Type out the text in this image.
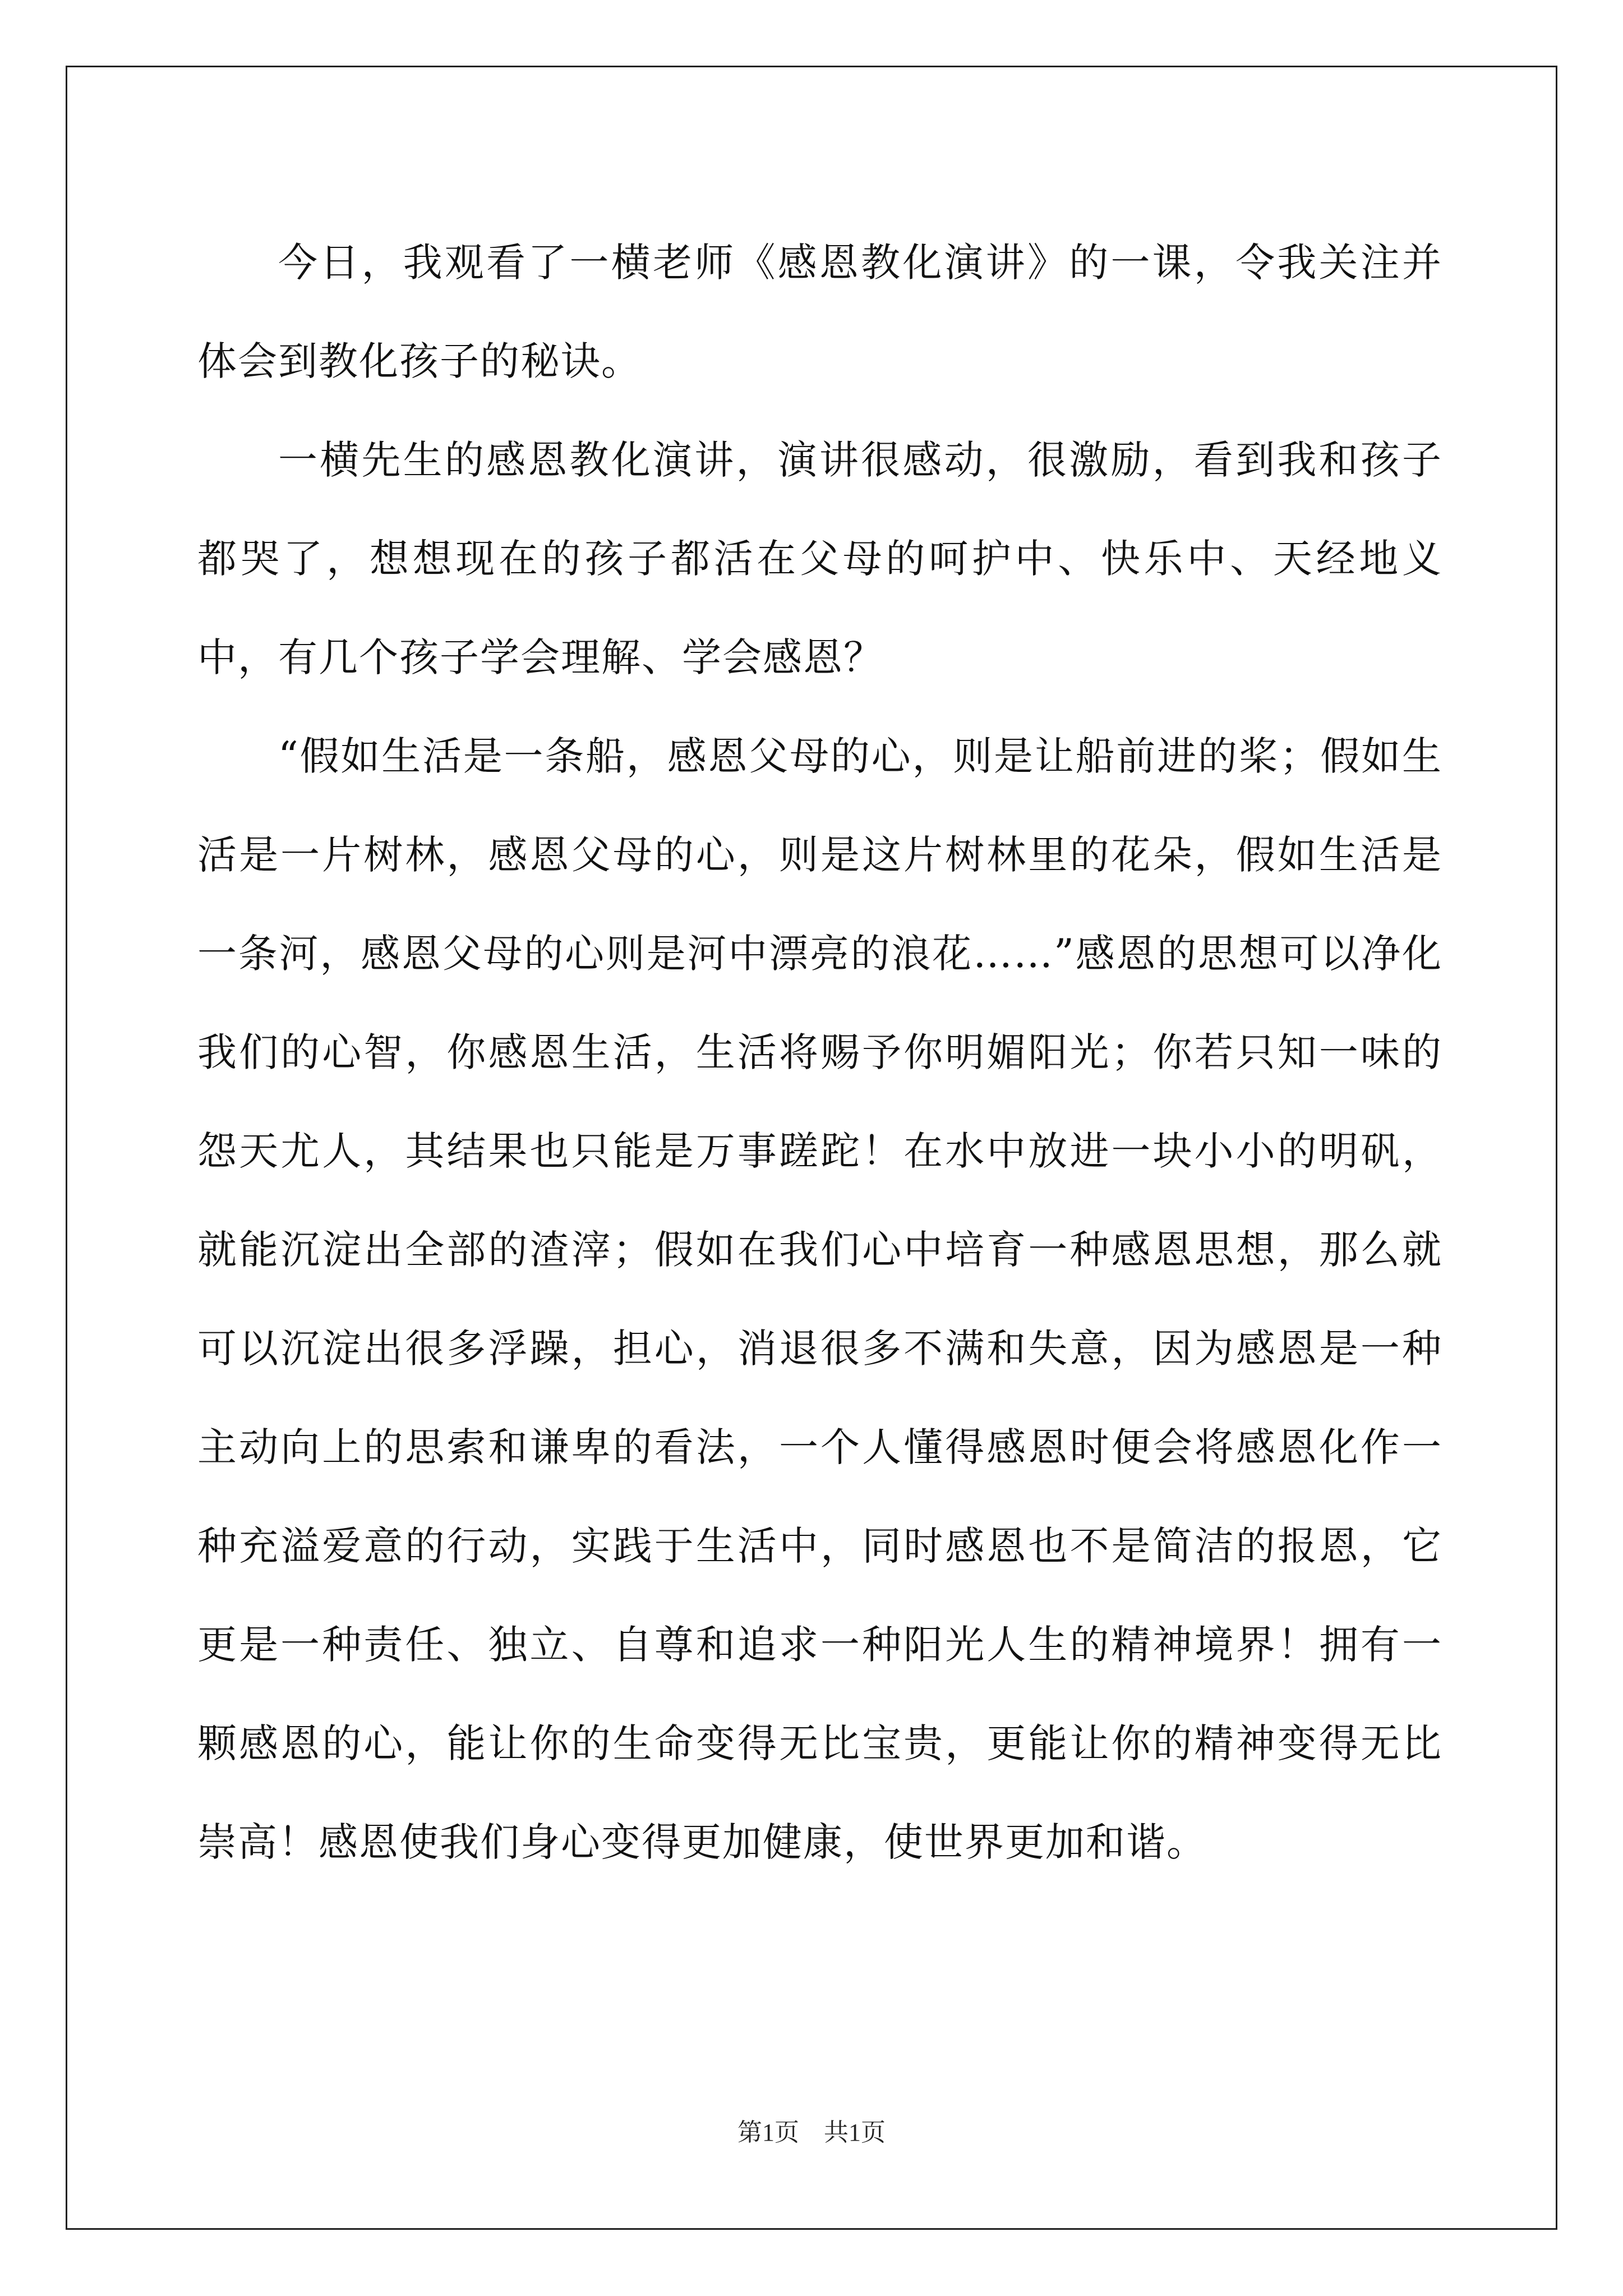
今日，我观看了一横老师《感恩教化演讲》的一课，令我关注并体会到教化孩子的秘诀。

一横先生的感恩教化演讲，演讲很感动，很激励，看到我和孩子都哭了，想想现在的孩子都活在父母的呵护中、快乐中、天经地义中，有几个孩子学会理解、学会感恩？

“假如生活是一条船，感恩父母的心，则是让船前进的桨；假如生活是一片树林，感恩父母的心，则是这片树林里的花朵，假如生活是一条河，感恩父母的心则是河中漂亮的浪花……”感恩的思想可以净化我们的心智，你感恩生活，生活将赐予你明媚阳光；你若只知一味的怨天尤人，其结果也只能是万事蹉跎！在水中放进一块小小的明矾，就能沉淀出全部的渣滓；假如在我们心中培育一种感恩思想，那么就可以沉淀出很多浮躁，担心，消退很多不满和失意，因为感恩是一种主动向上的思索和谦卑的看法，一个人懂得感恩时便会将感恩化作一种充溢爱意的行动，实践于生活中，同时感恩也不是简洁的报恩，它更是一种责任、独立、自尊和追求一种阳光人生的精神境界！拥有一颗感恩的心，能让你的生命变得无比宝贵，更能让你的精神变得无比崇高！感恩使我们身心变得更加健康，使世界更加和谐。

第1页 共1页
